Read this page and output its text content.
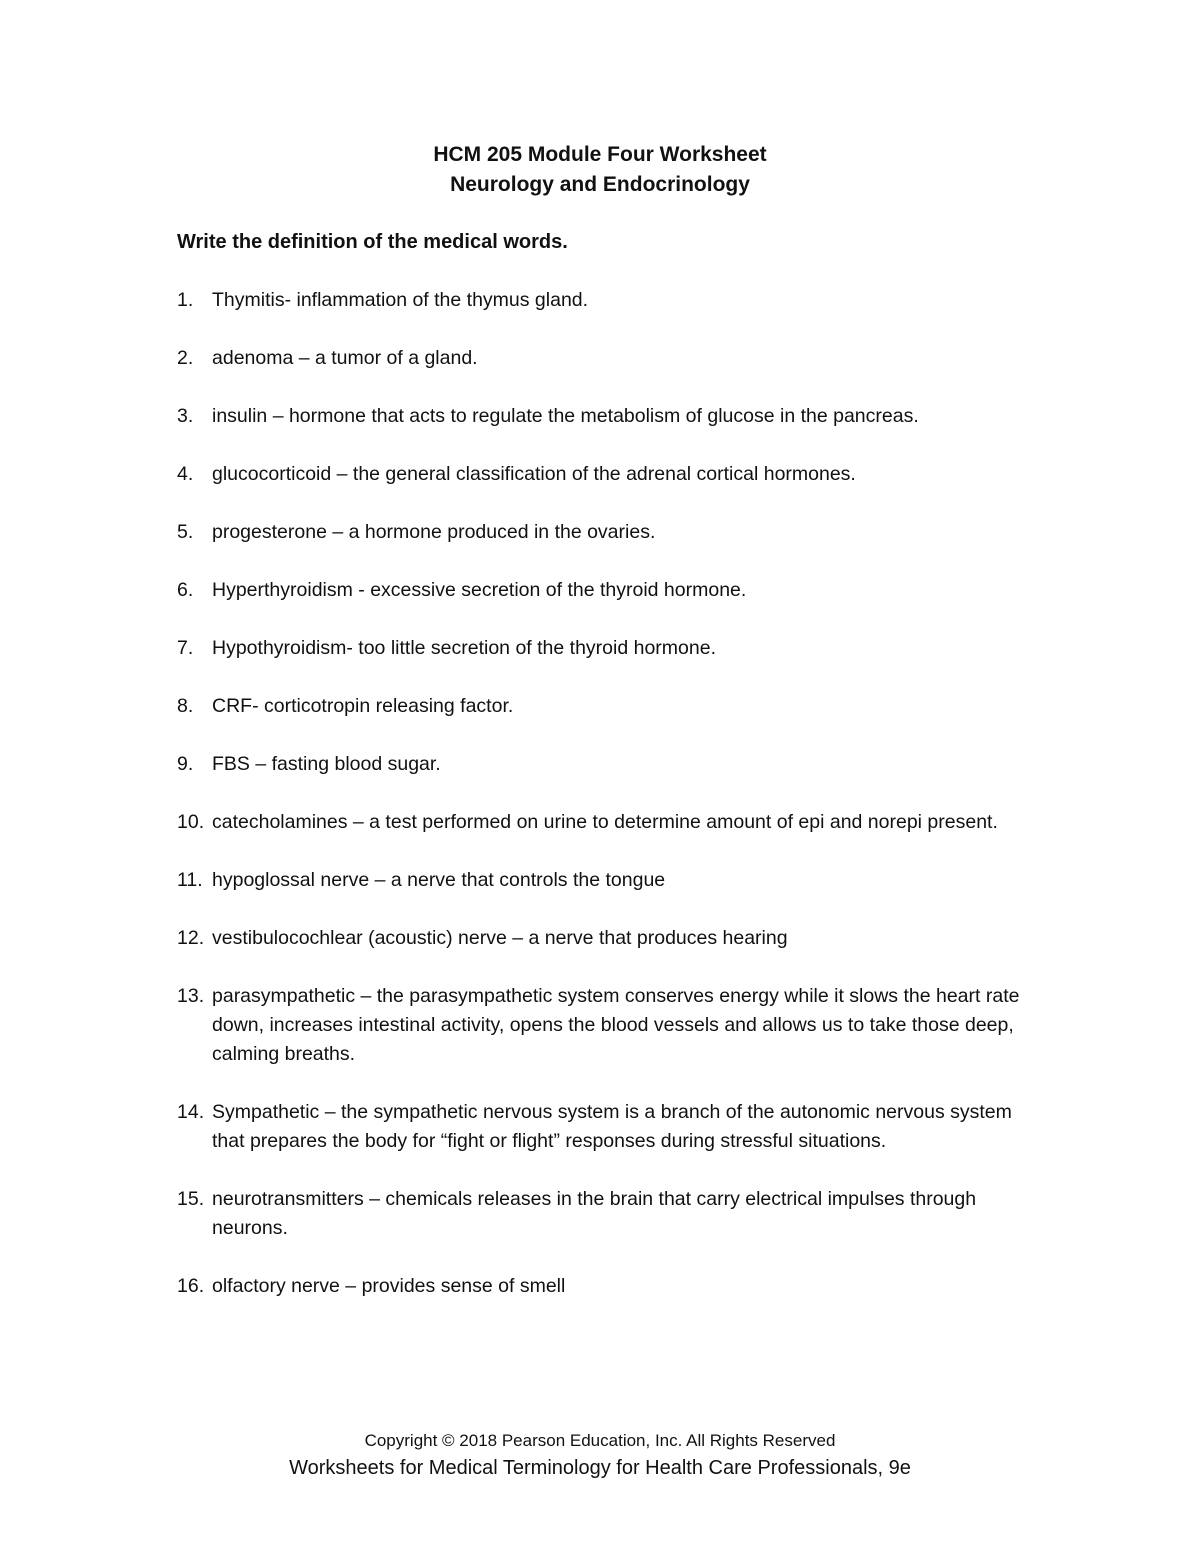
HCM 205 Module Four Worksheet
Neurology and Endocrinology
Write the definition of the medical words.
1. Thymitis- inflammation of the thymus gland.
2. adenoma – a tumor of a gland.
3. insulin – hormone that acts to regulate the metabolism of glucose in the pancreas.
4. glucocorticoid – the general classification of the adrenal cortical hormones.
5. progesterone – a hormone produced in the ovaries.
6. Hyperthyroidism - excessive secretion of the thyroid hormone.
7. Hypothyroidism- too little secretion of the thyroid hormone.
8. CRF- corticotropin releasing factor.
9. FBS – fasting blood sugar.
10. catecholamines – a test performed on urine to determine amount of epi and norepi present.
11. hypoglossal nerve – a nerve that controls the tongue
12. vestibulocochlear (acoustic) nerve – a nerve that produces hearing
13. parasympathetic – the parasympathetic system conserves energy while it slows the heart rate down, increases intestinal activity, opens the blood vessels and allows us to take those deep, calming breaths.
14. Sympathetic – the sympathetic nervous system is a branch of the autonomic nervous system that prepares the body for “fight or flight” responses during stressful situations.
15. neurotransmitters – chemicals releases in the brain that carry electrical impulses through neurons.
16. olfactory nerve – provides sense of smell
Copyright © 2018 Pearson Education, Inc. All Rights Reserved
Worksheets for Medical Terminology for Health Care Professionals, 9e
